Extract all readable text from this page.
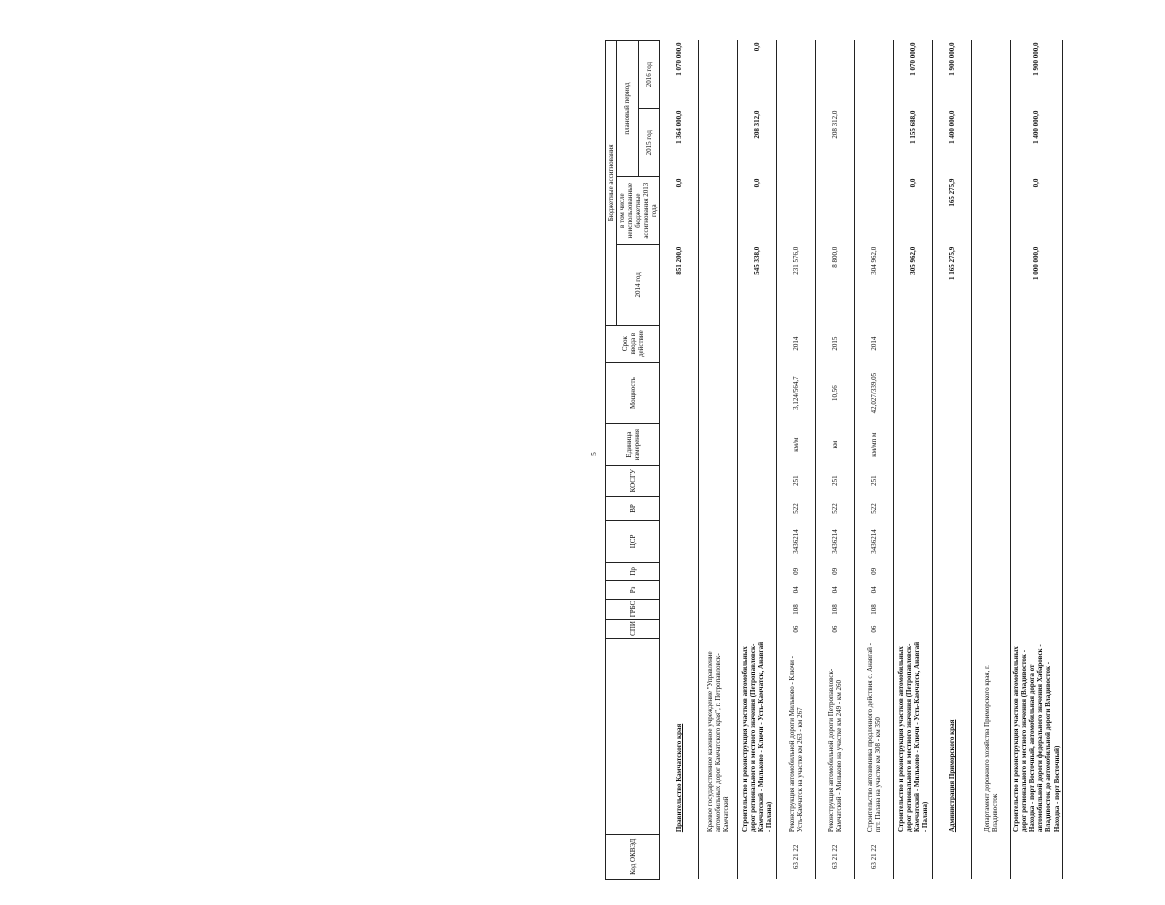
Код ОКВЭД		СПИ	ГРБС	Рз	Пр	ЦСР	ВР	КОСГУ	Единица измерения	Мощность	Срок ввода в действие	Бюджетные ассигнования			
												2014 год	в том числе неиспользованные бюджетные ассигнования 2013 года	плановый период	
														2015 год	2016 год
	Правительство Камчатского края											851 200,0	0,0	1 364 000,0	1 070 000,0
	Краевое государственное казенное учреждение "Управление автомобильных дорог Камчатского края", г. Петропавловск-Камчатский														
	Строительство и реконструкция участков автомобильных дорог регионального и местного значения (Петропавловск-Камчатский - Мильково - Ключи - Усть-Камчатск, Анавгай - Палана)											545 338,0	0,0	208 312,0	0,0
63 21 22	Реконструкция автомобильной дороги Мильково - Ключи - Усть-Камчатск на участке км 263 - км 267	06	108	04	09	3436214	522	251	км/м	3,124/564,7	2014	231 576,0			
63 21 22	Реконструкция автомобильной дороги Петропавловск-Камчатский - Мильково на участке км 249 - км 260	06	108	04	09	3436214	522	251	км	10,56	2015	8 800,0		208 312,0	
63 21 22	Строительство автозимника продленного действия с. Анавгай - пгт. Палана на участке км 308 - км 350	06	108	04	09	3436214	522	251	км/мп м	42,027/339,05	2014	304 962,0			
	Строительство и реконструкция участков автомобильных дорог регионального и местного значения (Петропавловск-Камчатский - Мильково - Ключи - Усть-Камчатск, Анавгай - Палана)											305 962,0	0,0	1 155 688,0	1 070 000,0
	Администрация Приморского края											1 165 275,9	165 275,9	1 400 000,0	1 900 000,0
	Департамент дорожного хозяйства Приморского края, г. Владивосток														
	Строительство и реконструкция участков автомобильных дорог регионального и местного значения (Владивосток - Находка - порт Восточный, автомобильная дорога от автомобильной дороги федерального значения Хабаровск - Владивосток до автомобильной дороги Владивосток - Находка - порт Восточный)											1 000 000,0	0,0	1 400 000,0	1 900 000,0
5
